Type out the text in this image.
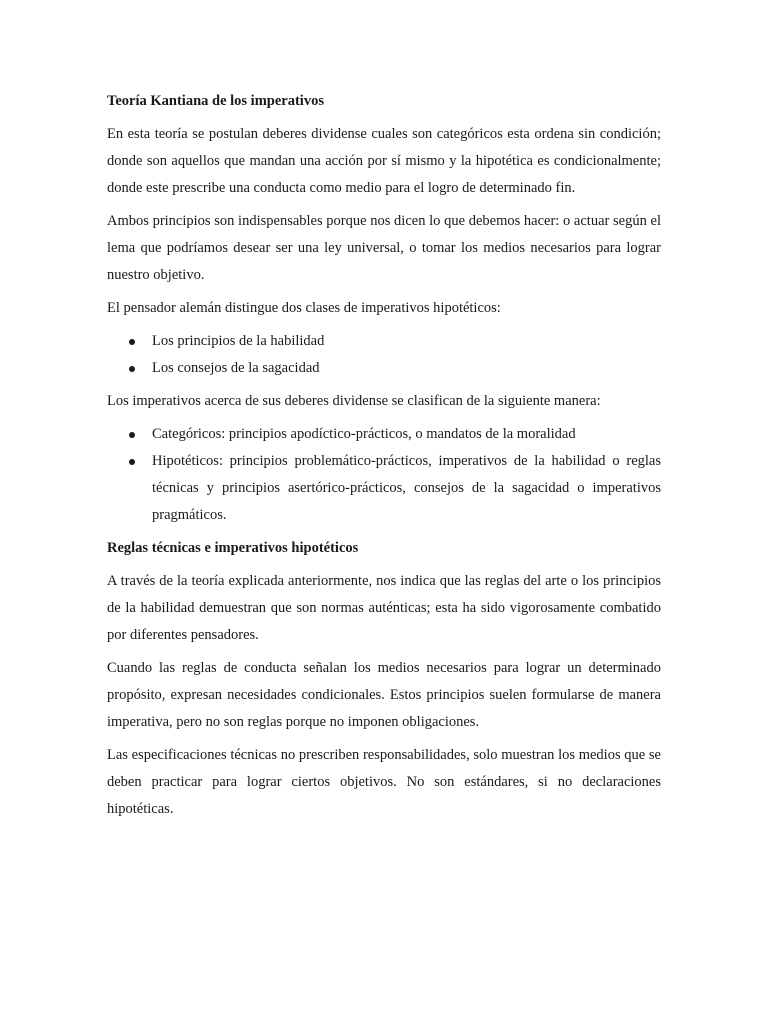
Teoría Kantiana de los imperativos
En esta teoría se postulan deberes dividense cuales son categóricos esta ordena sin condición; donde son aquellos que mandan una acción por sí mismo y la hipotética es condicionalmente; donde este prescribe una conducta como medio para el logro de determinado fin.
Ambos principios son indispensables porque nos dicen lo que debemos hacer: o actuar según el lema que podríamos desear ser una ley universal, o tomar los medios necesarios para lograr nuestro objetivo.
El pensador alemán distingue dos clases de imperativos hipotéticos:
Los principios de la habilidad
Los consejos de la sagacidad
Los imperativos acerca de sus deberes dividense se clasifican de la siguiente manera:
Categóricos: principios apodíctico-prácticos, o mandatos de la moralidad
Hipotéticos: principios problemático-prácticos, imperativos de la habilidad o reglas técnicas y principios asertórico-prácticos, consejos de la sagacidad o imperativos pragmáticos.
Reglas técnicas e imperativos hipotéticos
A través de la teoría explicada anteriormente, nos indica que las reglas del arte o los principios de la habilidad demuestran que son normas auténticas; esta ha sido vigorosamente combatido por diferentes pensadores.
Cuando las reglas de conducta señalan los medios necesarios para lograr un determinado propósito, expresan necesidades condicionales. Estos principios suelen formularse de manera imperativa, pero no son reglas porque no imponen obligaciones.
Las especificaciones técnicas no prescriben responsabilidades, solo muestran los medios que se deben practicar para lograr ciertos objetivos. No son estándares, si no declaraciones hipotéticas.
